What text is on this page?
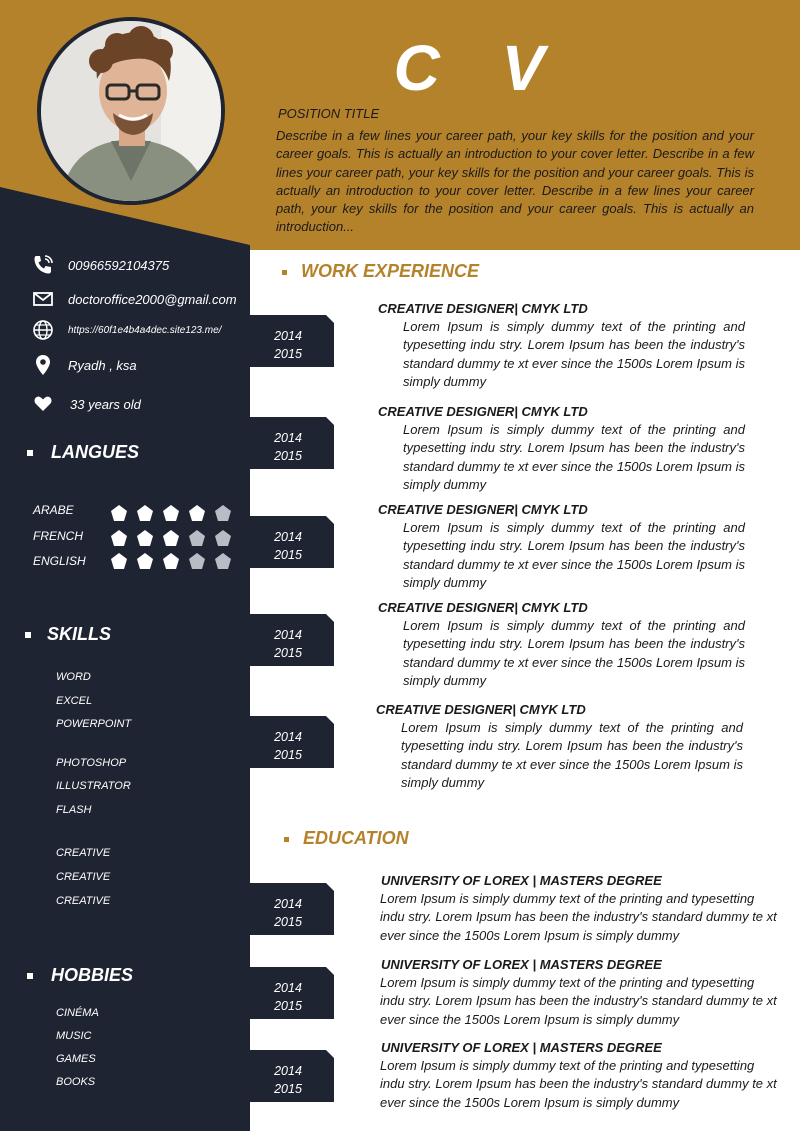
C V
POSITION TITLE
Describe in a few lines your career path, your key skills for the position and your career goals. This is actually an introduction to your cover letter. Describe in a few lines your career path, your key skills for the position and your career goals. This is actually an introduction to your cover letter. Describe in a few lines your career path, your key skills for the position and your career goals. This is actually an introduction...
00966592104375
doctoroffice2000@gmail.com
https://60f1e4b4a4dec.site123.me/
Ryadh , ksa
33 years old
LANGUES
ARABE
FRENCH
ENGLISH
SKILLS
WORD
EXCEL
POWERPOINT
PHOTOSHOP
ILLUSTRATOR
FLASH
CREATIVE
CREATIVE
CREATIVE
HOBBIES
CINÉMA
MUSIC
GAMES
BOOKS
2014
2015
2014
2015
2014
2015
2014
2015
2014
2015
2014
2015
2014
2015
2014
2015
WORK EXPERIENCE
CREATIVE DESIGNER| CMYK LTD
Lorem Ipsum is simply dummy text of the printing and typesetting indu stry. Lorem Ipsum has been the industry's standard dummy te xt ever since the 1500s Lorem Ipsum is simply dummy
CREATIVE DESIGNER| CMYK LTD
Lorem Ipsum is simply dummy text of the printing and typesetting indu stry. Lorem Ipsum has been the industry's standard dummy te xt ever since the 1500s Lorem Ipsum is simply dummy
CREATIVE DESIGNER| CMYK LTD
Lorem Ipsum is simply dummy text of the printing and typesetting indu stry. Lorem Ipsum has been the industry's standard dummy te xt ever since the 1500s Lorem Ipsum is simply dummy
CREATIVE DESIGNER| CMYK LTD
Lorem Ipsum is simply dummy text of the printing and typesetting indu stry. Lorem Ipsum has been the industry's standard dummy te xt ever since the 1500s Lorem Ipsum is simply dummy
CREATIVE DESIGNER| CMYK LTD
Lorem Ipsum is simply dummy text of the printing and typesetting indu stry. Lorem Ipsum has been the industry's standard dummy te xt ever since the 1500s Lorem Ipsum is simply dummy
EDUCATION
UNIVERSITY OF LOREX | MASTERS DEGREE
Lorem Ipsum is simply dummy text of the printing and typesetting indu stry. Lorem Ipsum has been the industry's standard dummy te xt ever since the 1500s Lorem Ipsum is simply dummy
UNIVERSITY OF LOREX | MASTERS DEGREE
Lorem Ipsum is simply dummy text of the printing and typesetting indu stry. Lorem Ipsum has been the industry's standard dummy te xt ever since the 1500s Lorem Ipsum is simply dummy
UNIVERSITY OF LOREX | MASTERS DEGREE
Lorem Ipsum is simply dummy text of the printing and typesetting indu stry. Lorem Ipsum has been the industry's standard dummy te xt ever since the 1500s Lorem Ipsum is simply dummy
